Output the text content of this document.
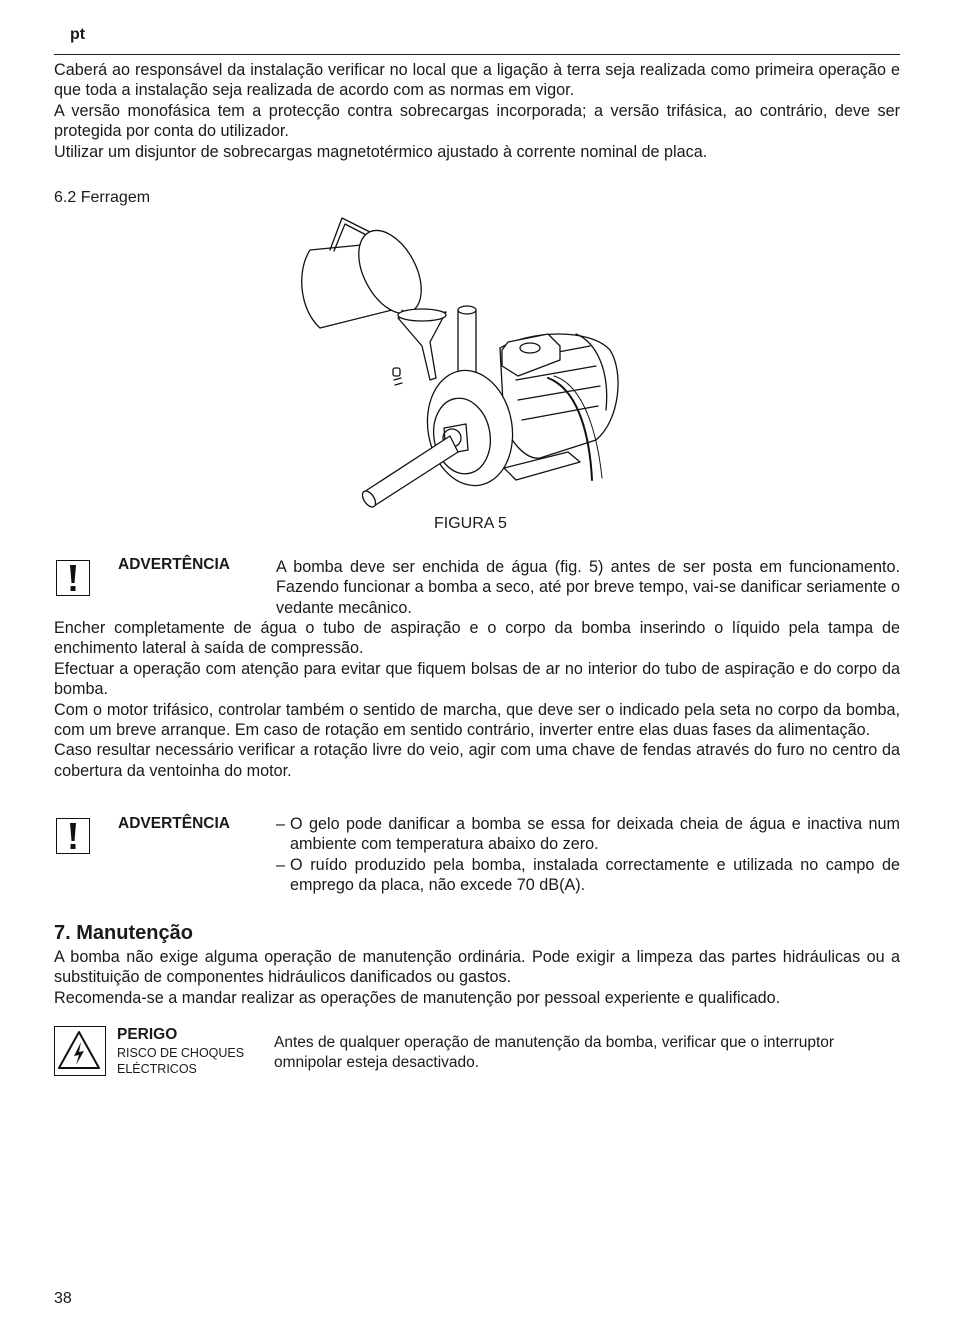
pt

Caberá ao responsável da instalação verificar no local que a ligação à terra seja realizada como primeira operação e que toda a instalação seja realizada de acordo com as normas em vigor.

A versão monofásica tem a protecção contra sobrecargas incorporada; a versão trifásica, ao contrário, deve ser protegida por conta do utilizador.

Utilizar um disjuntor de sobrecargas magnetotérmico ajustado à corrente nominal de placa.

6.2 Ferragem
FIGURA 5
ADVERTÊNCIA	A bomba deve ser enchida de água (fig. 5) antes de ser posta em funcionamento. Fazendo funcionar a bomba a seco, até por breve tempo, vai-se danificar seriamente o vedante mecânico.

Encher completamente de água o tubo de aspiração e o corpo da bomba inserindo o líquido pela tampa de enchimento lateral à saída de compressão.

Efectuar a operação com atenção para evitar que fiquem bolsas de ar no interior do tubo de aspiração e do corpo da bomba.

Com o motor trifásico, controlar também o sentido de marcha, que deve ser o indicado pela seta no corpo da bomba, com um breve arranque. Em caso de rotação em sentido contrário, inverter entre elas duas fases da alimentação.

Caso resultar necessário verificar a rotação livre do veio, agir com uma chave de fendas através do furo no centro da cobertura da ventoinha do motor.

ADVERTÊNCIA	– O gelo pode danificar a bomba se essa for deixada cheia de água e inactiva num ambiente com temperatura abaixo do zero.
– O ruído produzido pela bomba, instalada correctamente e utilizada no campo de emprego da placa, não excede 70 dB(A).
7. Manutenção

A bomba não exige alguma operação de manutenção ordinária. Pode exigir a limpeza das partes hidráulicas ou a substituição de componentes hidráulicos danificados ou gastos.

Recomenda-se a mandar realizar as operações de manutenção por pessoal experiente e qualificado.

PERIGO
RISCO DE CHOQUES
ELÉCTRICOS
Antes de qualquer operação de manutenção da bomba, verificar que o interruptor omnipolar esteja desactivado.
38
